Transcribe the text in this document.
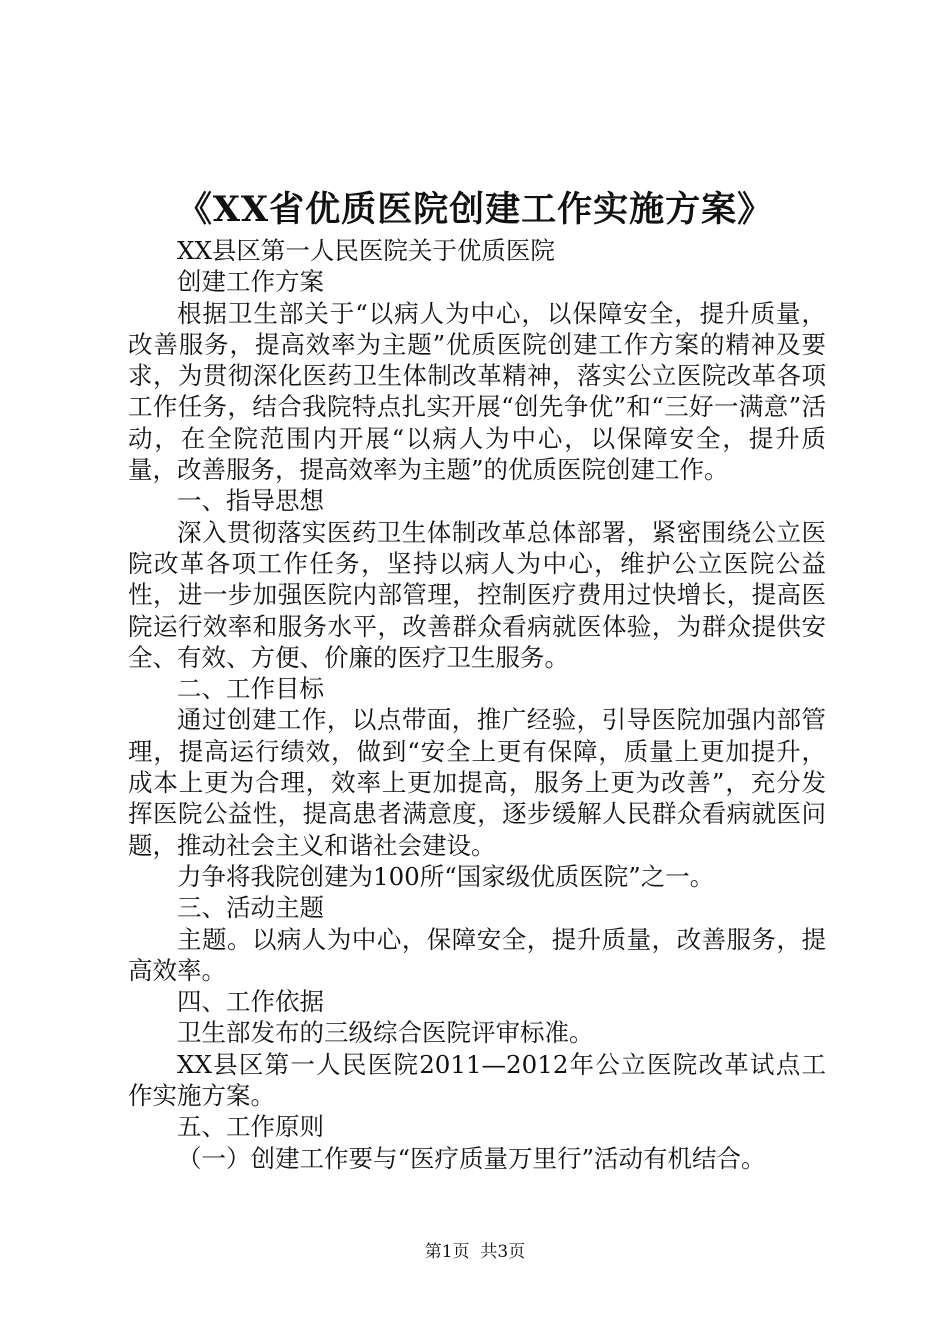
《XX省优质医院创建工作实施方案》

XX县区第一人民医院关于优质医院

创建工作方案

根据卫生部关于“以病人为中心，以保障安全，提升质量，改善服务，提高效率为主题”优质医院创建工作方案的精神及要求，为贯彻深化医药卫生体制改革精神，落实公立医院改革各项工作任务，结合我院特点扎实开展“创先争优”和“三好一满意”活动，在全院范围内开展“以病人为中心，以保障安全，提升质量，改善服务，提高效率为主题”的优质医院创建工作。

一、指导思想

深入贯彻落实医药卫生体制改革总体部署，紧密围绕公立医院改革各项工作任务，坚持以病人为中心，维护公立医院公益性，进一步加强医院内部管理，控制医疗费用过快增长，提高医院运行效率和服务水平，改善群众看病就医体验，为群众提供安全、有效、方便、价廉的医疗卫生服务。

二、工作目标

通过创建工作，以点带面，推广经验，引导医院加强内部管理，提高运行绩效，做到“安全上更有保障，质量上更加提升，成本上更为合理，效率上更加提高，服务上更为改善”，充分发挥医院公益性，提高患者满意度，逐步缓解人民群众看病就医问题，推动社会主义和谐社会建设。

力争将我院创建为100所“国家级优质医院”之一。

三、活动主题

主题。以病人为中心，保障安全，提升质量，改善服务，提高效率。

四、工作依据

卫生部发布的三级综合医院评审标准。

XX县区第一人民医院2011—2012年公立医院改革试点工作实施方案。

五、工作原则

（一）创建工作要与“医疗质量万里行”活动有机结合。

第1页 共3页
